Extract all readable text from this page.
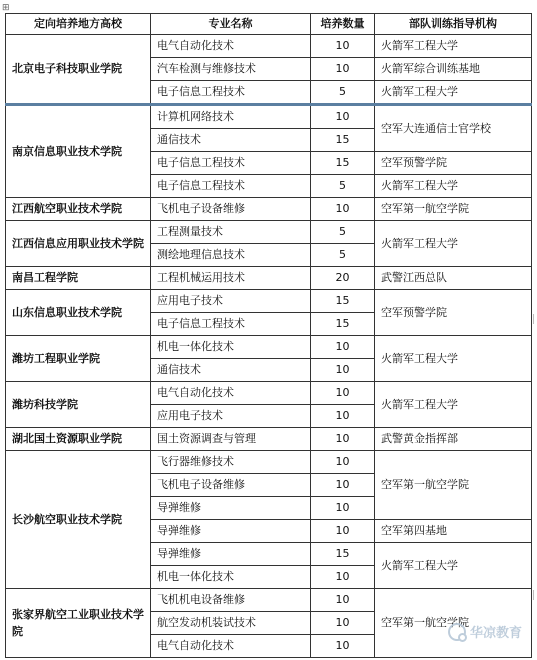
⊞
定向培养地方高校	专业名称	培养数量	部队训练指导机构
北京电子科技职业学院	电气自动化技术	10	火箭军工程大学
	汽车检测与维修技术	10	火箭军综合训练基地
	电子信息工程技术	5	火箭军工程大学
南京信息职业技术学院	计算机网络技术	10	空军大连通信士官学校
	通信技术	15	
	电子信息工程技术	15	空军预警学院
	电子信息工程技术	5	火箭军工程大学
江西航空职业技术学院	飞机电子设备维修	10	空军第一航空学院
江西信息应用职业技术学院	工程测量技术	5	火箭军工程大学
	测绘地理信息技术	5	
南昌工程学院	工程机械运用技术	20	武警江西总队
山东信息职业技术学院	应用电子技术	15	空军预警学院
	电子信息工程技术	15	
潍坊工程职业学院	机电一体化技术	10	火箭军工程大学
	通信技术	10	
潍坊科技学院	电气自动化技术	10	火箭军工程大学
	应用电子技术	10	
湖北国土资源职业学院	国土资源调查与管理	10	武警黄金指挥部
长沙航空职业技术学院	飞行器维修技术	10	空军第一航空学院
	飞机电子设备维修	10	
	导弹维修	10	
	导弹维修	10	空军第四基地
	导弹维修	15	火箭军工程大学
	机电一体化技术	10	
张家界航空工业职业技术学院	飞机机电设备维修	10	空军第一航空学院
	航空发动机装试技术	10	
	电气自动化技术	10	
华凉教育
